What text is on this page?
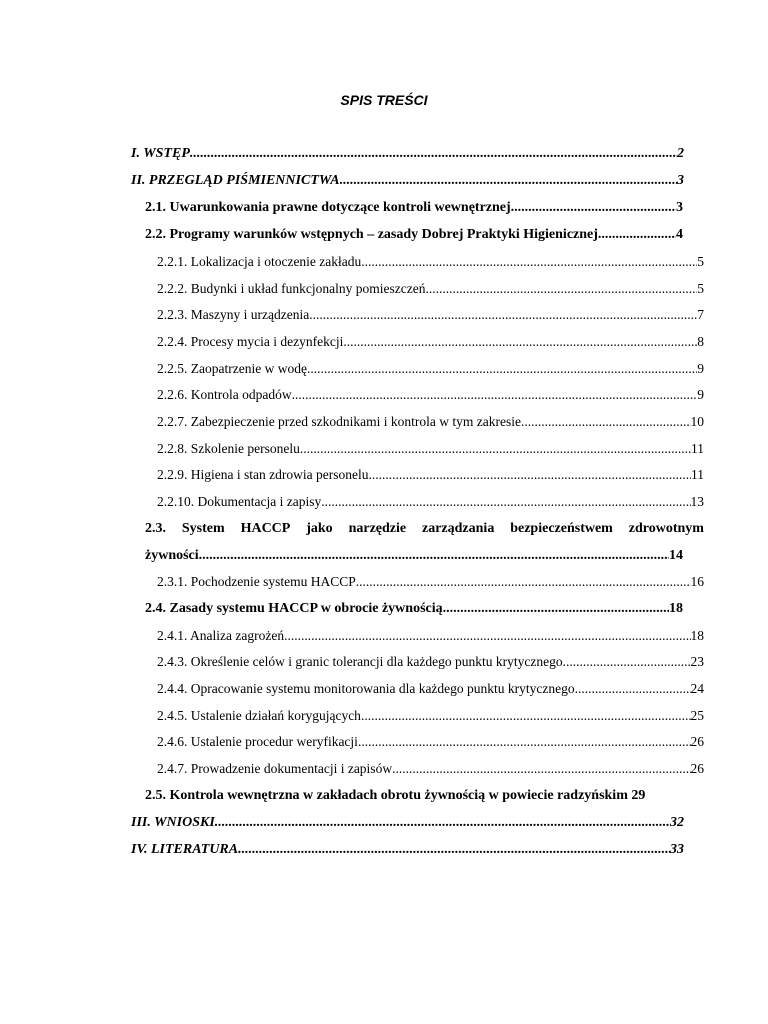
SPIS TREŚCI
I. WSTĘP .....	2
II. PRZEGLĄD PIŚMIENNICTWA .....	3
2.1. Uwarunkowania prawne dotyczące kontroli wewnętrznej .....	3
2.2. Programy warunków wstępnych – zasady Dobrej Praktyki Higienicznej .....	4
2.2.1. Lokalizacja i otoczenie zakładu .....	5
2.2.2. Budynki i układ funkcjonalny pomieszczeń .....	5
2.2.3. Maszyny i urządzenia .....	7
2.2.4. Procesy mycia i dezynfekcji .....	8
2.2.5. Zaopatrzenie w wodę .....	9
2.2.6. Kontrola odpadów .....	9
2.2.7. Zabezpieczenie przed szkodnikami i kontrola w tym zakresie .....	10
2.2.8. Szkolenie personelu .....	11
2.2.9. Higiena i stan zdrowia personelu .....	11
2.2.10. Dokumentacja i zapisy .....	13
2.3. System HACCP jako narzędzie zarządzania bezpieczeństwem zdrowotnym
żywności .....	14
2.3.1. Pochodzenie systemu HACCP .....	16
2.4. Zasady systemu HACCP w obrocie żywnością .....	18
2.4.1. Analiza zagrożeń .....	18
2.4.3. Określenie celów i granic tolerancji dla każdego punktu krytycznego .....	23
2.4.4. Opracowanie systemu monitorowania dla każdego punktu krytycznego .....	24
2.4.5. Ustalenie działań korygujących .....	25
2.4.6. Ustalenie procedur weryfikacji .....	26
2.4.7. Prowadzenie dokumentacji i zapisów .....	26
2.5. Kontrola wewnętrzna w zakładach obrotu żywnością w powiecie radzyńskim 29
III. WNIOSKI .....	32
IV. LITERATURA .....	33
